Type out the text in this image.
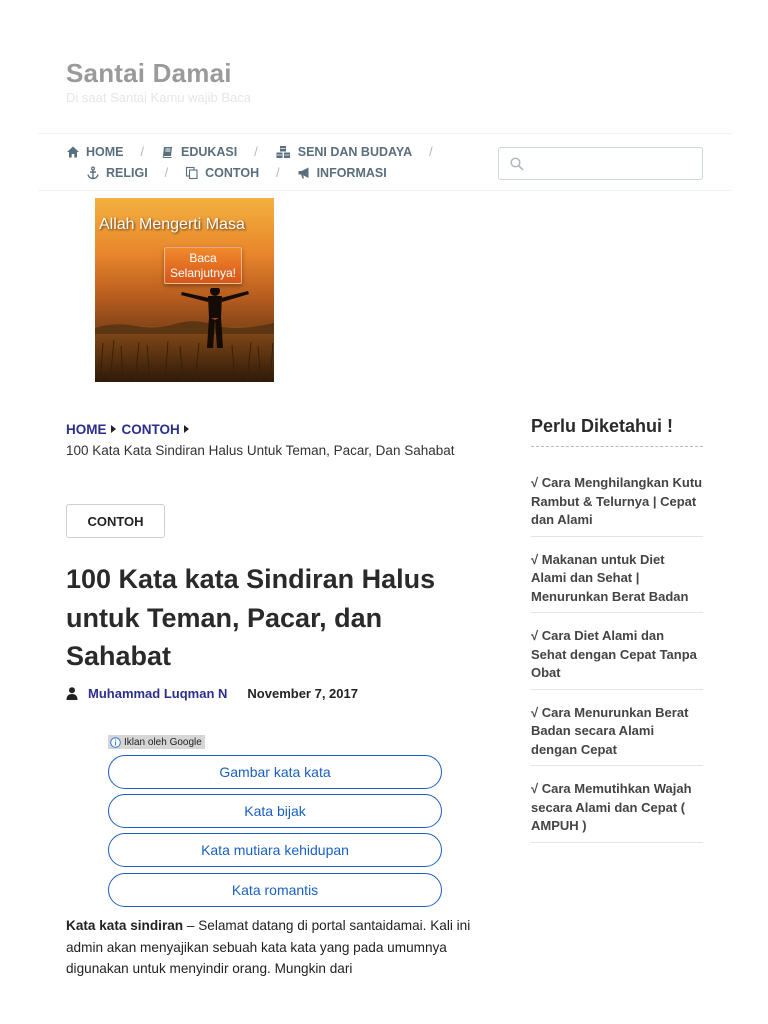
Santai Damai
Di saat Santai Kamu wajib Baca
HOME /	EDUKASI /	SENI DAN BUDAYA /
RELIGI /	CONTOH /	INFORMASI
Allah Mengerti Masa
Baca
Selanjutnya!
HOME CONTOH
100 Kata Kata Sindiran Halus Untuk Teman, Pacar, Dan Sahabat
CONTOH
100 Kata kata Sindiran Halus untuk Teman, Pacar, dan Sahabat
Muhammad Luqman N November 7, 2017
Iklan oleh Google
Gambar kata kata
Kata bijak
Kata mutiara kehidupan
Kata romantis

Kata kata sindiran – Selamat datang di portal santaidamai. Kali ini admin akan menyajikan sebuah kata kata yang pada umumnya digunakan untuk menyindir orang. Mungkin dari

Perlu Diketahui !
√ Cara Menghilangkan Kutu Rambut & Telurnya | Cepat dan Alami
√ Makanan untuk Diet Alami dan Sehat | Menurunkan Berat Badan
√ Cara Diet Alami dan Sehat dengan Cepat Tanpa Obat
√ Cara Menurunkan Berat Badan secara Alami dengan Cepat
√ Cara Memutihkan Wajah secara Alami dan Cepat ( AMPUH )
